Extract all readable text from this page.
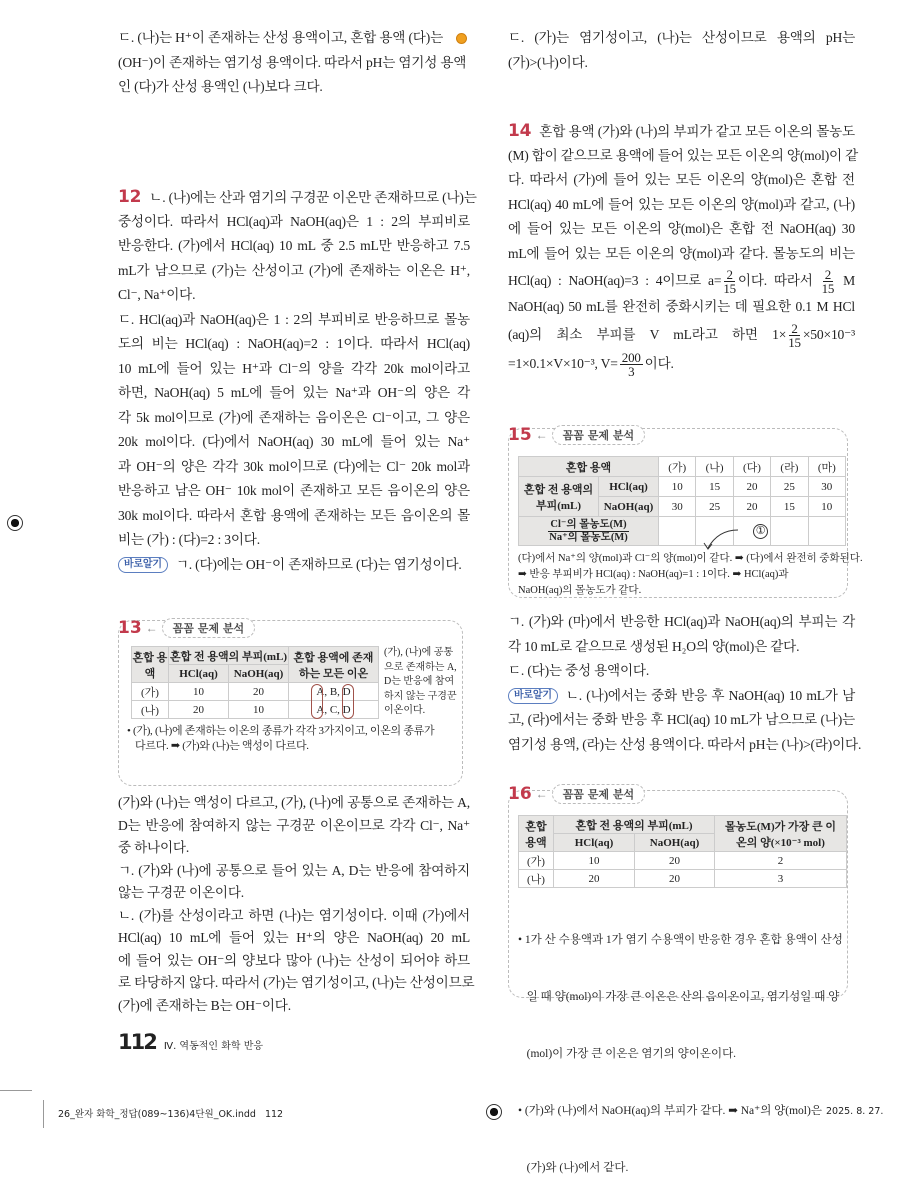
ㄷ. (나)는 H⁺이 존재하는 산성 용액이고, 혼합 용액 (다)는
(OH⁻)이 존재하는 염기성 용액이다. 따라서 pH는 염기성 용액
인 (다)가 산성 용액인 (나)보다 크다.
12 ㄴ. (나)에는 산과 염기의 구경꾼 이온만 존재하므로 (나)는
중성이다. 따라서 HCl(aq)과 NaOH(aq)은 1 : 2의 부피비로
반응한다. (가)에서 HCl(aq) 10 mL 중 2.5 mL만 반응하고 7.5
mL가 남으므로 (가)는 산성이고 (가)에 존재하는 이온은 H⁺,
Cl⁻, Na⁺이다.
ㄷ. HCl(aq)과 NaOH(aq)은 1 : 2의 부피비로 반응하므로 몰농
도의 비는 HCl(aq) : NaOH(aq)=2 : 1이다. 따라서 HCl(aq)
10 mL에 들어 있는 H⁺과 Cl⁻의 양을 각각 20k mol이라고
하면, NaOH(aq) 5 mL에 들어 있는 Na⁺과 OH⁻의 양은 각
각 5k mol이므로 (가)에 존재하는 음이온은 Cl⁻이고, 그 양은
20k mol이다. (다)에서 NaOH(aq) 30 mL에 들어 있는 Na⁺
과 OH⁻의 양은 각각 30k mol이므로 (다)에는 Cl⁻ 20k mol과
반응하고 남은 OH⁻ 10k mol이 존재하고 모든 음이온의 양은
30k mol이다. 따라서 혼합 용액에 존재하는 모든 음이온의 몰
비는 (가) : (다)=2 : 3이다.
바로알기 ㄱ. (다)에는 OH⁻이 존재하므로 (다)는 염기성이다.
13 ←	꼼꼼 문제 분석
혼합 용액	혼합 전 용액의 부피(mL)		혼합 용액에 존재하는 모든 이온
	HCl(aq)	NaOH(aq)	
(가)	10	20	A, B, D
(나)	20	10	A, C, D
(가), (나)에 공통
으로 존재하는 A,
D는 반응에 참여
하지 않는 구경꾼
이온이다.
• (가), (나)에 존재하는 이온의 종류가 각각 3가지이고, 이온의 종류가
다르다. ➡ (가)와 (나)는 액성이 다르다.
(가)와 (나)는 액성이 다르고, (가), (나)에 공통으로 존재하는 A,
D는 반응에 참여하지 않는 구경꾼 이온이므로 각각 Cl⁻, Na⁺
중 하나이다.
ㄱ. (가)와 (나)에 공통으로 들어 있는 A, D는 반응에 참여하지
않는 구경꾼 이온이다.
ㄴ. (가)를 산성이라고 하면 (나)는 염기성이다. 이때 (가)에서
HCl(aq) 10 mL에 들어 있는 H⁺의 양은 NaOH(aq) 20 mL
에 들어 있는 OH⁻의 양보다 많아 (나)는 산성이 되어야 하므
로 타당하지 않다. 따라서 (가)는 염기성이고, (나)는 산성이므로
(가)에 존재하는 B는 OH⁻이다.
112 Ⅳ. 역동적인 화학 반응
26_완자 화학_정답(089~136)4단원_OK.indd   112	2025. 8. 27.
ㄷ. (가)는 염기성이고, (나)는 산성이므로 용액의 pH는
(가)>(나)이다.
14 혼합 용액 (가)와 (나)의 부피가 같고 모든 이온의 몰농도
(M) 합이 같으므로 용액에 들어 있는 모든 이온의 양(mol)이 같
다. 따라서 (가)에 들어 있는 모든 이온의 양(mol)은 혼합 전
HCl(aq) 40 mL에 들어 있는 모든 이온의 양(mol)과 같고, (나)
에 들어 있는 모든 이온의 양(mol)은 혼합 전 NaOH(aq) 30
mL에 들어 있는 모든 이온의 양(mol)과 같다. 몰농도의 비는
HCl(aq) : NaOH(aq)=3 : 4이므로 $a= \frac{2}{15}$ 이다. 따라서 $\frac{2}{15}$ M
NaOH(aq) 50 mL를 완전히 중화시키는 데 필요한 0.1 M HCl
(aq)의 최소 부피를 V mL라고 하면 $1\times \frac{2}{15} \times 50\times 10^{-3}$
=1×0.1×V×10⁻³, $V= \frac{200}{3}$ 이다.
15 ←	꼼꼼 문제 분석
혼합 용액		(가)	(나)	(다)	(라)	(마)
혼합 전 용액의 부피(mL)	HCl(aq)	10	15	20	25	30
	NaOH(aq)	30	25	20	15	10

$\frac{\text{Cl⁻의 몰농도(M)}}{\text{Na⁺의 몰농도(M)}}$				①		
(다)에서 Na⁺의 양(mol)과 Cl⁻의 양(mol)이 같다. ➡ (다)에서 완전히 중화된다.
➡ 반응 부피비가 HCl(aq) : NaOH(aq)=1 : 1이다. ➡ HCl(aq)과
NaOH(aq)의 몰농도가 같다.
ㄱ. (가)와 (마)에서 반응한 HCl(aq)과 NaOH(aq)의 부피는 각
각 10 mL로 같으므로 생성된 H₂O의 양(mol)은 같다.
ㄷ. (다)는 중성 용액이다.
바로알기 ㄴ. (나)에서는 중화 반응 후 NaOH(aq) 10 mL가 남
고, (라)에서는 중화 반응 후 HCl(aq) 10 mL가 남으므로 (나)는
염기성 용액, (라)는 산성 용액이다. 따라서 pH는 (나)>(라)이다.
16 ←	꼼꼼 문제 분석
혼합 용액	혼합 전 용액의 부피(mL)		몰농도(M)가 가장 큰 이온의 양(×10⁻³ mol)
	HCl(aq)	NaOH(aq)	
(가)	10	20	2
(나)	20	20	3

• 1가 산 수용액과 1가 염기 수용액이 반응한 경우 혼합 용액이 산성

일 때 양(mol)이 가장 큰 이온은 산의 음이온이고, 염기성일 때 양

(mol)이 가장 큰 이온은 염기의 양이온이다.

• (가)와 (나)에서 NaOH(aq)의 부피가 같다. ➡ Na⁺의 양(mol)은

(가)와 (나)에서 같다.
